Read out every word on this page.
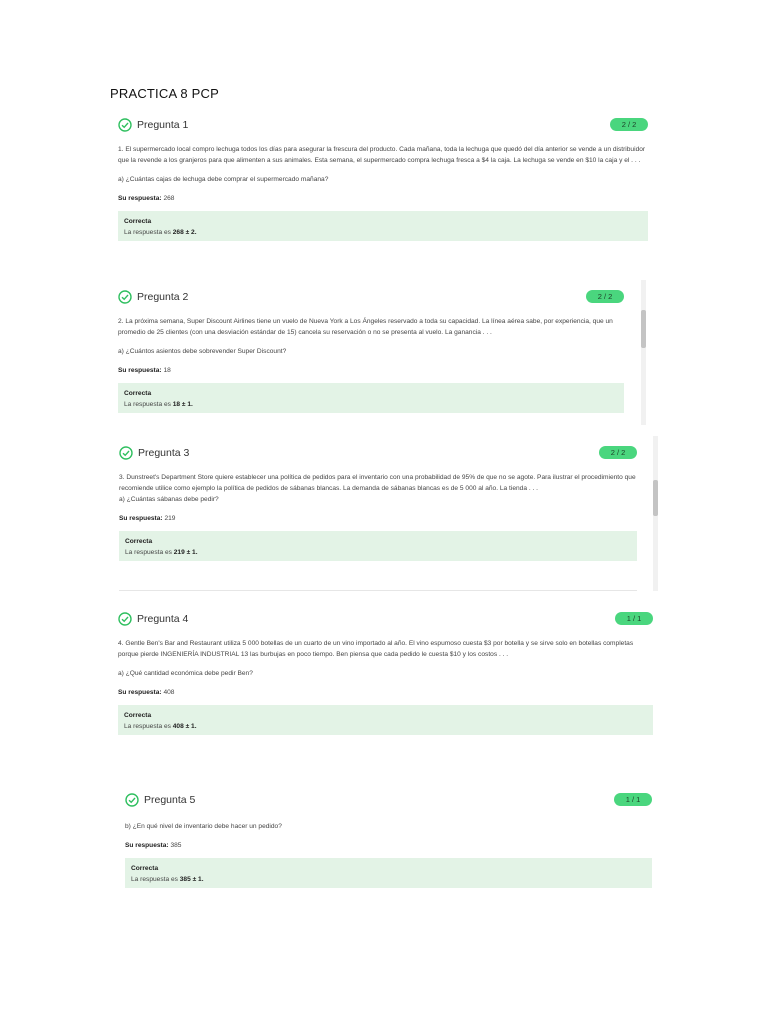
PRACTICA 8 PCP
Pregunta 1	2 / 2

1. El supermercado local compro lechuga todos los días para asegurar la frescura del producto. Cada mañana, toda la lechuga que quedó del día anterior se vende a un distribuidor que la revende a los granjeros para que alimenten a sus animales. Esta semana, el supermercado compra lechuga fresca a $4 la caja. La lechuga se vende en $10 la caja y el . . .

a) ¿Cuántas cajas de lechuga debe comprar el supermercado mañana?

Su respuesta: 268

Correcta
La respuesta es 268 ± 2.
Pregunta 2	2 / 2

2. La próxima semana, Super Discount Airlines tiene un vuelo de Nueva York a Los Ángeles reservado a toda su capacidad. La línea aérea sabe, por experiencia, que un promedio de 25 clientes (con una desviación estándar de 15) cancela su reservación o no se presenta al vuelo. La ganancia . . .

a) ¿Cuántos asientos debe sobrevender Super Discount?

Su respuesta: 18

Correcta
La respuesta es 18 ± 1.
Pregunta 3	2 / 2

3. Dunstreet's Department Store quiere establecer una política de pedidos para el inventario con una probabilidad de 95% de que no se agote. Para ilustrar el procedimiento que recomiende utilice como ejemplo la política de pedidos de sábanas blancas. La demanda de sábanas blancas es de 5 000 al año. La tienda . . .

a) ¿Cuántas sábanas debe pedir?

Su respuesta: 219

Correcta
La respuesta es 219 ± 1.
Pregunta 4	1 / 1

4. Gentle Ben's Bar and Restaurant utiliza 5 000 botellas de un cuarto de un vino importado al año. El vino espumoso cuesta $3 por botella y se sirve solo en botellas completas porque pierde INGENIERÍA INDUSTRIAL 13 las burbujas en poco tiempo. Ben piensa que cada pedido le cuesta $10 y los costos . . .

a) ¿Qué cantidad económica debe pedir Ben?

Su respuesta: 408

Correcta
La respuesta es 408 ± 1.
Pregunta 5	1 / 1

b) ¿En qué nivel de inventario debe hacer un pedido?

Su respuesta: 385

Correcta
La respuesta es 385 ± 1.
